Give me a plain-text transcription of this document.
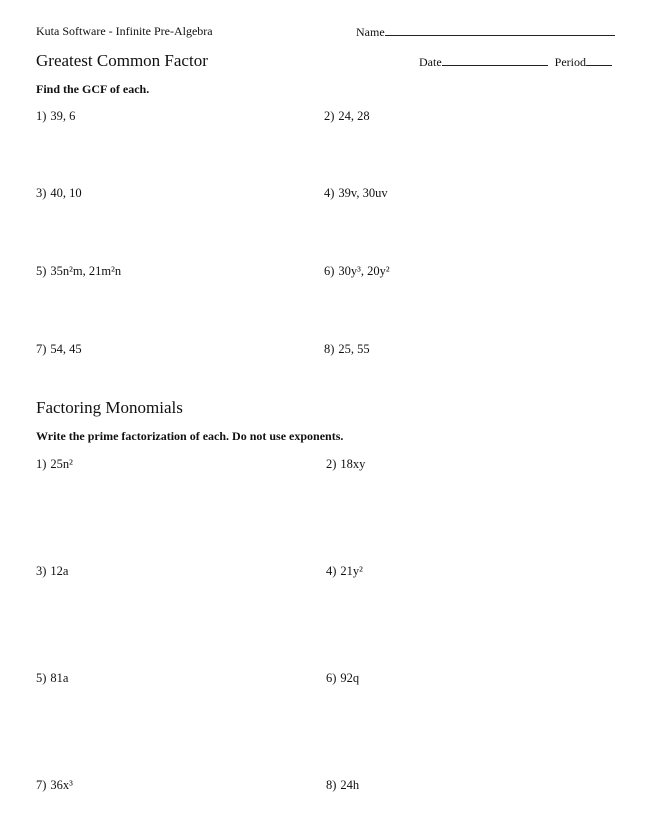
Kuta Software - Infinite Pre-Algebra	Name
Greatest Common Factor	Date	Period
Find the GCF of each.
1) 39, 6	2) 24, 28
3) 40, 10	4) 39v, 30uv
5) 35n²m, 21m²n	6) 30y³, 20y²
7) 54, 45	8) 25, 55
Factoring Monomials
Write the prime factorization of each. Do not use exponents.
1) 25n²	2) 18xy
3) 12a	4) 21y²
5) 81a	6) 92q
7) 36x³	8) 24h
